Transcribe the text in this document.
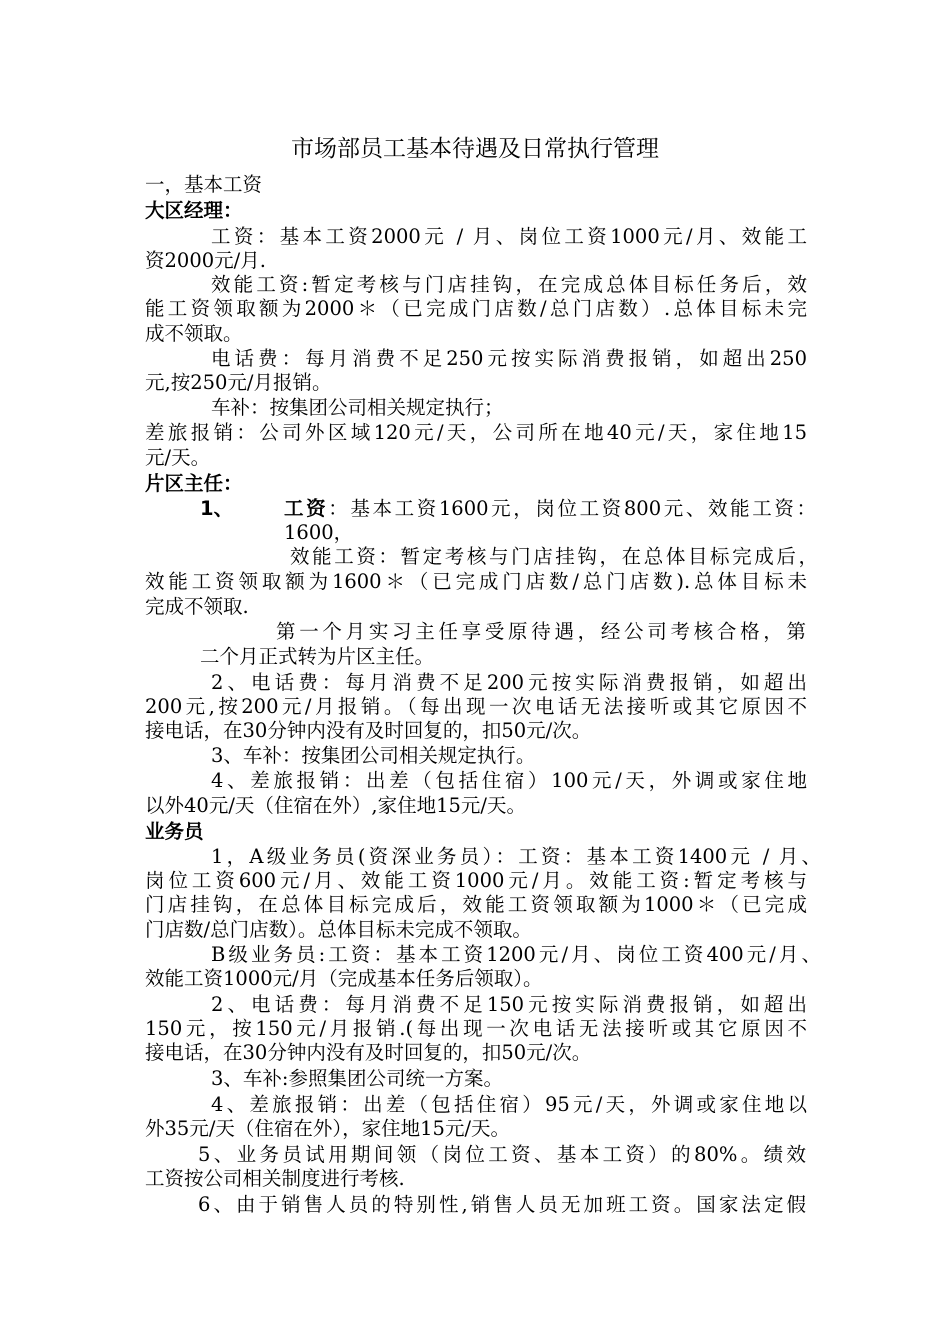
市场部员工基本待遇及日常执行管理
一，基本工资
大区经理：
工资：基本工资2000元 / 月、岗位工资1000元/月、效能工
资2000元/月.
效能工资:暂定考核与门店挂钩，在完成总体目标任务后，效
能工资领取额为2000＊（已完成门店数/总门店数）.总体目标未完
成不领取。
电话费：每月消费不足250元按实际消费报销，如超出250
元,按250元/月报销。
车补：按集团公司相关规定执行；
差旅报销：公司外区域120元/天，公司所在地40元/天，家住地15
元/天。
片区主任：
1、	工资：基本工资1600元，岗位工资800元、效能工资：
1600，
效能工资：暂定考核与门店挂钩，在总体目标完成后，
效能工资领取额为1600＊（已完成门店数/总门店数).总体目标未
完成不领取.
第一个月实习主任享受原待遇，经公司考核合格，第
二个月正式转为片区主任。
2、电话费：每月消费不足200元按实际消费报销，如超出
200元,按200元/月报销。（每出现一次电话无法接听或其它原因不
接电话，在30分钟内没有及时回复的，扣50元/次。
3、车补：按集团公司相关规定执行。
4、差旅报销：出差（包括住宿）100元/天，外调或家住地
以外40元/天（住宿在外）,家住地15元/天。
业务员
1，A级业务员(资深业务员）：工资：基本工资1400元 / 月、
岗位工资600元/月、效能工资1000元/月。效能工资:暂定考核与
门店挂钩，在总体目标完成后，效能工资领取额为1000＊（已完成
门店数/总门店数）。总体目标未完成不领取。
B级业务员:工资：基本工资1200元/月、岗位工资400元/月、
效能工资1000元/月（完成基本任务后领取）。
2、电话费：每月消费不足150元按实际消费报销，如超出
150元，按150元/月报销.(每出现一次电话无法接听或其它原因不
接电话，在30分钟内没有及时回复的，扣50元/次。
3、车补:参照集团公司统一方案。
4、差旅报销：出差（包括住宿）95元/天，外调或家住地以
外35元/天（住宿在外），家住地15元/天。
5、业务员试用期间领（岗位工资、基本工资）的80%。绩效
工资按公司相关制度进行考核.
6、由于销售人员的特别性,销售人员无加班工资。国家法定假
